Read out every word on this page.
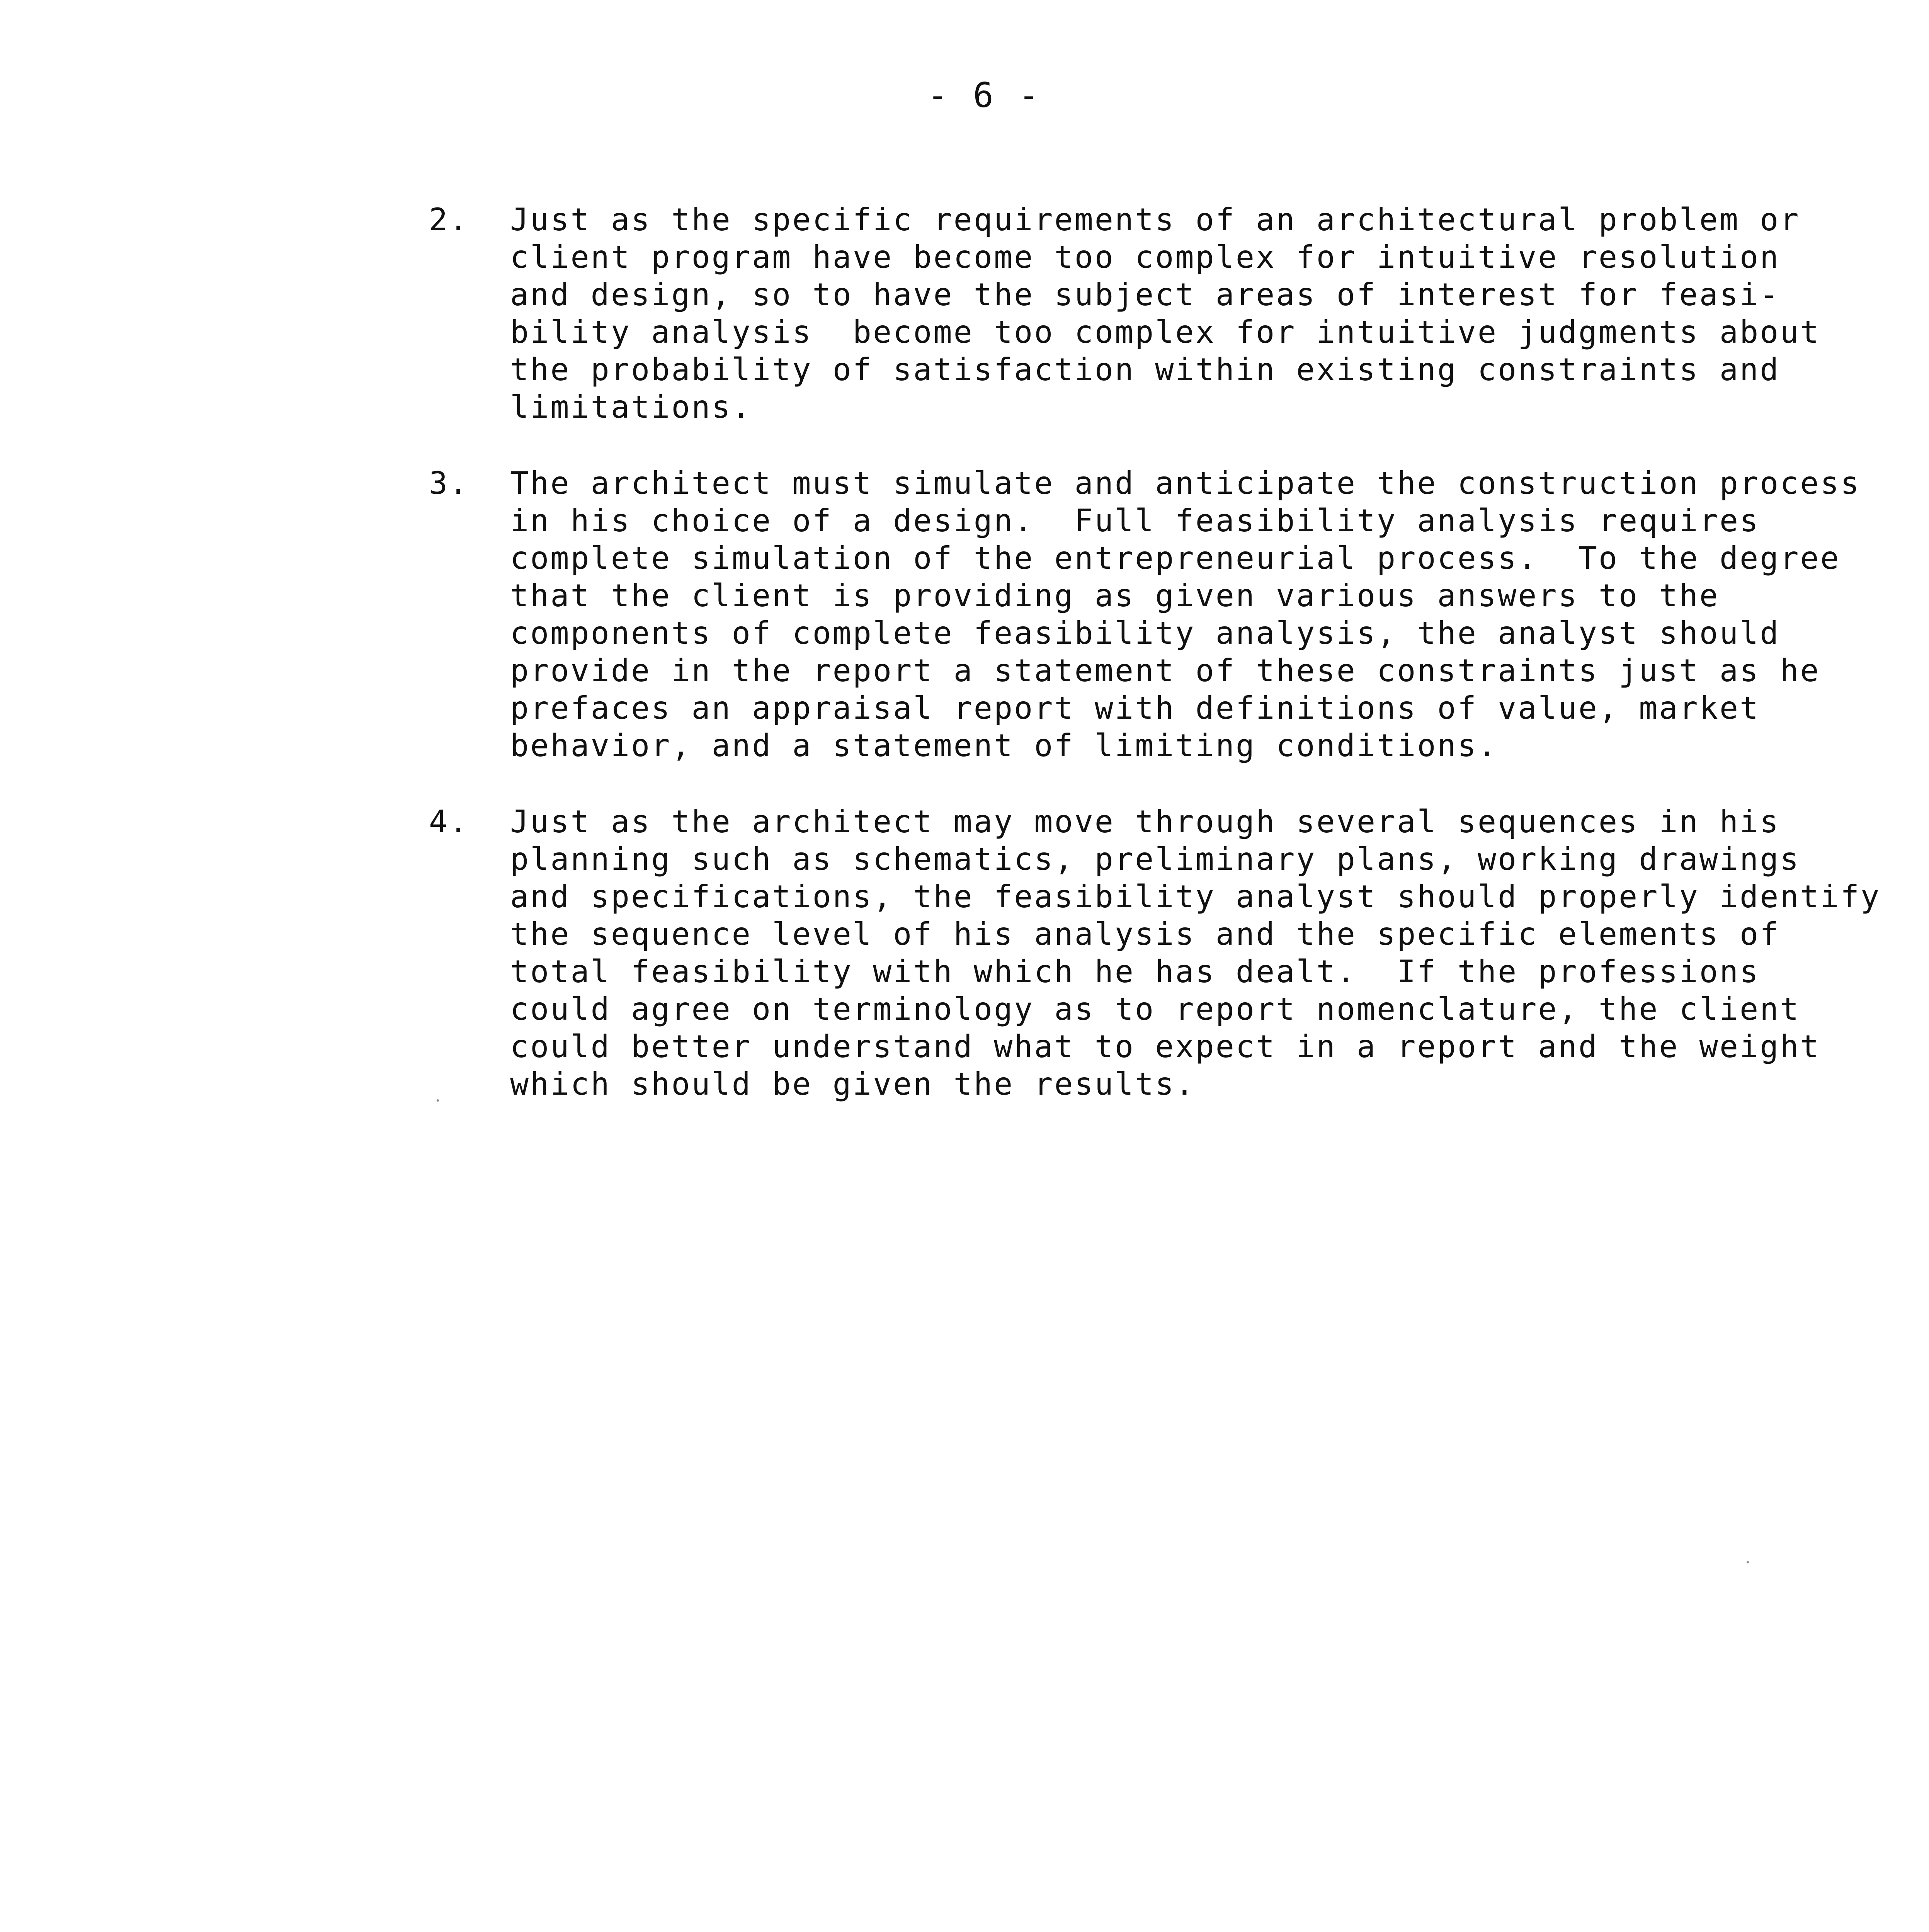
- 6 -
2.	Just as the specific requirements of an architectural problem or
client program have become too complex for intuitive resolution
and design, so to have the subject areas of interest for feasi-
bility analysis  become too complex for intuitive judgments about
the probability of satisfaction within existing constraints and
limitations.
3.	The architect must simulate and anticipate the construction process
in his choice of a design.  Full feasibility analysis requires
complete simulation of the entrepreneurial process.  To the degree
that the client is providing as given various answers to the
components of complete feasibility analysis, the analyst should
provide in the report a statement of these constraints just as he
prefaces an appraisal report with definitions of value, market
behavior, and a statement of limiting conditions.
4.	Just as the architect may move through several sequences in his
planning such as schematics, preliminary plans, working drawings
and specifications, the feasibility analyst should properly identify
the sequence level of his analysis and the specific elements of
total feasibility with which he has dealt.  If the professions
could agree on terminology as to report nomenclature, the client
could better understand what to expect in a report and the weight
which should be given the results.
